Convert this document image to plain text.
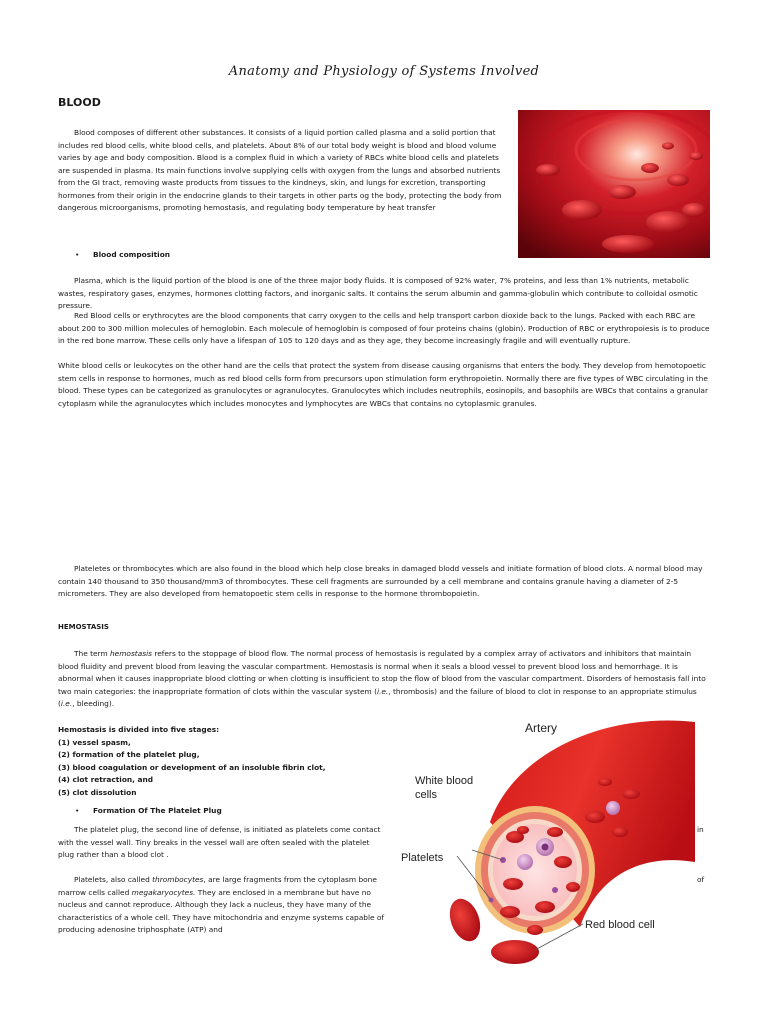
Anatomy and Physiology of Systems Involved
BLOOD
Blood composes of different other substances. It consists of a liquid portion called plasma and a solid portion that includes red blood cells, white blood cells, and platelets. About 8% of our total body weight is blood and blood volume varies by age and body composition. Blood is a complex fluid in which a variety of RBCs white blood cells and platelets are suspended in plasma. Its main functions involve supplying cells with oxygen from the lungs and absorbed nutrients from the GI tract, removing waste products from tissues to the kindneys, skin, and lungs for excretion, transporting hormones from their origin in the endocrine glands to their targets in other parts og the body, protecting the body from dangerous microorganisms, promoting hemostasis, and regulating body temperature by heat transfer
• Blood composition
Plasma, which is the liquid portion of the blood is one of the three major body fluids. It is composed of 92% water, 7% proteins, and less than 1% nutrients, metabolic wastes, respiratory gases, enzymes, hormones clotting factors, and inorganic salts. It contains the serum albumin and gamma-globulin which contribute to colloidal osmotic pressure.
Red Blood cells or erythrocytes are the blood components that carry oxygen to the cells and help transport carbon dioxide back to the lungs. Packed with each RBC are about 200 to 300 million molecules of hemoglobin. Each molecule of hemoglobin is composed of four proteins chains (globin). Production of RBC or erythropoiesis is to produce in the red bone marrow. These cells only have a lifespan of 105 to 120 days and as they age, they become increasingly fragile and will eventually rupture.
White blood cells or leukocytes on the other hand are the cells that protect the system from disease causing organisms that enters the body. They develop from hemotopoetic stem cells in response to hormones, much as red blood cells form from precursors upon stimulation form erythropoietin. Normally there are five types of WBC circulating in the blood. These types can be categorized as granulocytes or agranulocytes. Granulocytes which includes neutrophils, eosinopils, and basophils are WBCs that contains a granular cytoplasm while the agranulocytes which includes monocytes and lymphocytes are WBCs that contains no cytoplasmic granules.
Plateletes or thrombocytes which are also found in the blood which help close breaks in damaged blodd vessels and initiate formation of blood clots. A normal blood may contain 140 thousand to 350 thousand/mm3 of thrombocytes. These cell fragments are surrounded by a cell membrane and contains granule having a diameter of 2-5 micrometers. They are also developed from hematopoetic stem cells in response to the hormone thrombopoietin.
HEMOSTASIS
The term hemostasis refers to the stoppage of blood flow. The normal process of hemostasis is regulated by a complex array of activators and inhibitors that maintain blood fluidity and prevent blood from leaving the vascular compartment. Hemostasis is normal when it seals a blood vessel to prevent blood loss and hemorrhage. It is abnormal when it causes inappropriate blood clotting or when clotting is insufficient to stop the flow of blood from the vascular compartment. Disorders of hemostasis fall into two main categories: the inappropriate formation of clots within the vascular system (i.e., thrombosis) and the failure of blood to clot in response to an appropriate stimulus (i.e., bleeding).
Hemostasis is divided into five stages:
(1) vessel spasm,
(2) formation of the platelet plug,
(3) blood coagulation or development of an insoluble fibrin clot,
(4) clot retraction, and
(5) clot dissolution
• Formation Of The Platelet Plug
The platelet plug, the second line of defense, is initiated as platelets come contact with the vessel wall. Tiny breaks in the vessel wall are often sealed with the platelet plug rather than a blood clot .
in
Platelets, also called thrombocytes, are large fragments from the cytoplasm bone marrow cells called megakaryocytes. They are enclosed in a membrane but have no nucleus and cannot reproduce. Although they lack a nucleus, they have many of the characteristics of a whole cell. They have mitochondria and enzyme systems capable of producing adenosine triphosphate (ATP) and
of
Artery
White blood
cells
Platelets
Red blood cell
